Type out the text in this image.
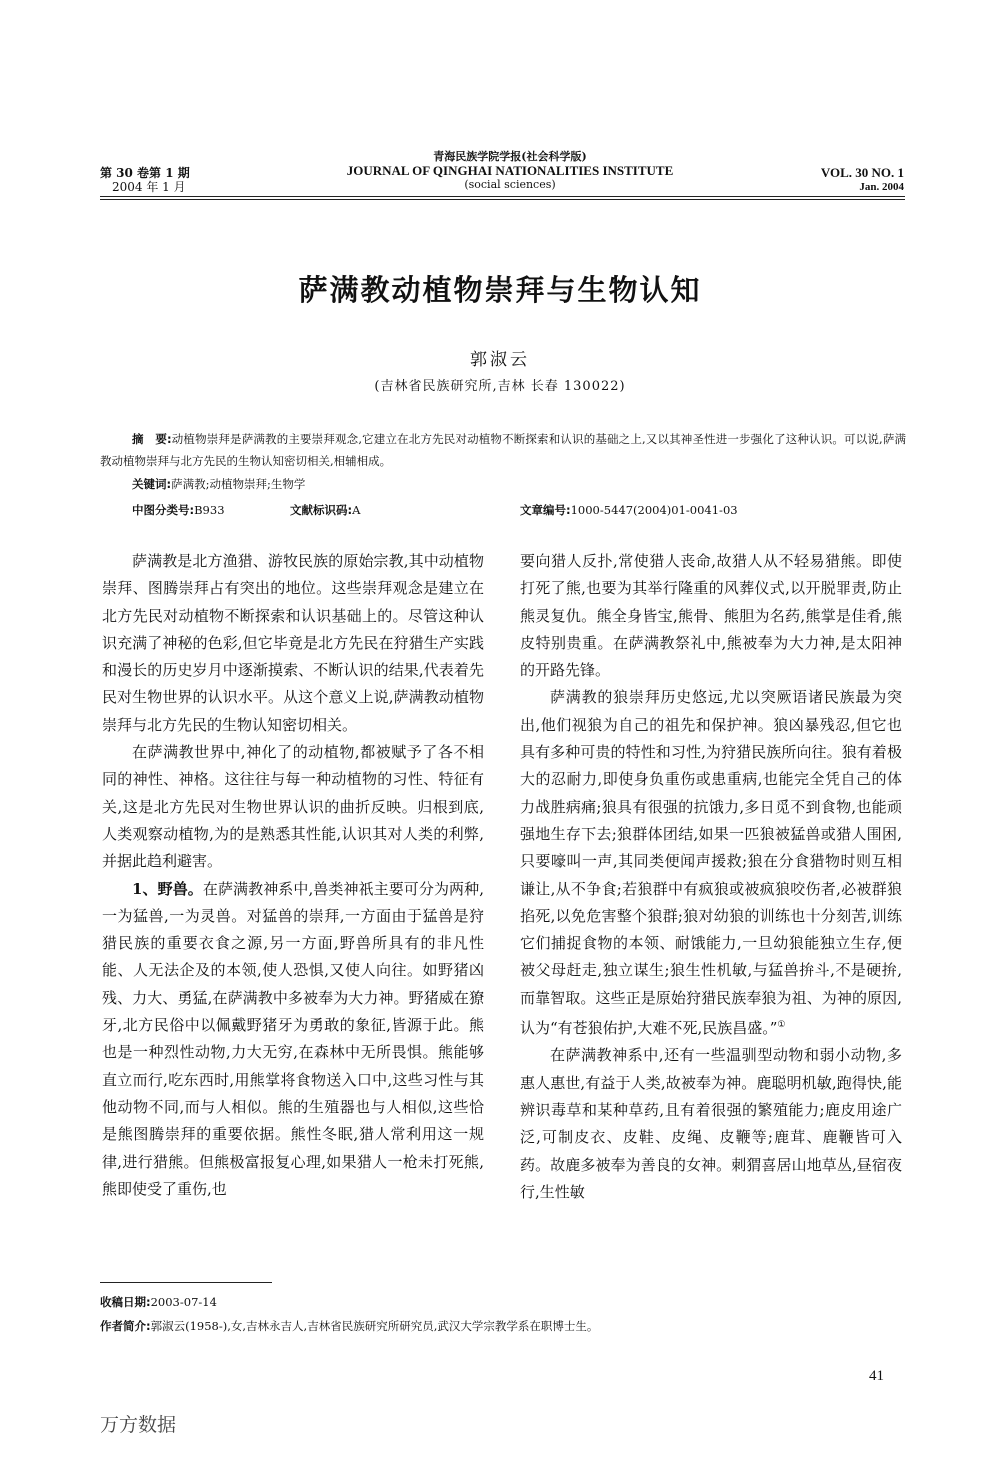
第 30 卷第 1 期
2004 年 1 月
青海民族学院学报(社会科学版)
JOURNAL OF QINGHAI NATIONALITIES INSTITUTE
(social sciences)
VOL. 30 NO. 1
Jan. 2004
萨满教动植物崇拜与生物认知
郭淑云
(吉林省民族研究所,吉林 长春 130022)
摘　要:动植物崇拜是萨满教的主要崇拜观念,它建立在北方先民对动植物不断探索和认识的基础之上,又以其神圣性进一步强化了这种认识。可以说,萨满教动植物崇拜与北方先民的生物认知密切相关,相辅相成。
关键词:萨满教;动植物崇拜;生物学
中图分类号:B933	文献标识码:A	文章编号:1000-5447(2004)01-0041-03

萨满教是北方渔猎、游牧民族的原始宗教,其中动植物崇拜、图腾崇拜占有突出的地位。这些崇拜观念是建立在北方先民对动植物不断探索和认识基础上的。尽管这种认识充满了神秘的色彩,但它毕竟是北方先民在狩猎生产实践和漫长的历史岁月中逐渐摸索、不断认识的结果,代表着先民对生物世界的认识水平。从这个意义上说,萨满教动植物崇拜与北方先民的生物认知密切相关。

在萨满教世界中,神化了的动植物,都被赋予了各不相同的神性、神格。这往往与每一种动植物的习性、特征有关,这是北方先民对生物世界认识的曲折反映。归根到底,人类观察动植物,为的是熟悉其性能,认识其对人类的利弊,并据此趋利避害。

1、野兽。在萨满教神系中,兽类神祇主要可分为两种,一为猛兽,一为灵兽。对猛兽的崇拜,一方面由于猛兽是狩猎民族的重要衣食之源,另一方面,野兽所具有的非凡性能、人无法企及的本领,使人恐惧,又使人向往。如野猪凶残、力大、勇猛,在萨满教中多被奉为大力神。野猪威在獠牙,北方民俗中以佩戴野猪牙为勇敢的象征,皆源于此。熊也是一种烈性动物,力大无穷,在森林中无所畏惧。熊能够直立而行,吃东西时,用熊掌将食物送入口中,这些习性与其他动物不同,而与人相似。熊的生殖器也与人相似,这些恰是熊图腾崇拜的重要依据。熊性冬眠,猎人常利用这一规律,进行猎熊。但熊极富报复心理,如果猎人一枪未打死熊,熊即使受了重伤,也

要向猎人反扑,常使猎人丧命,故猎人从不轻易猎熊。即使打死了熊,也要为其举行隆重的风葬仪式,以开脱罪责,防止熊灵复仇。熊全身皆宝,熊骨、熊胆为名药,熊掌是佳肴,熊皮特别贵重。在萨满教祭礼中,熊被奉为大力神,是太阳神的开路先锋。

萨满教的狼崇拜历史悠远,尤以突厥语诸民族最为突出,他们视狼为自己的祖先和保护神。狼凶暴残忍,但它也具有多种可贵的特性和习性,为狩猎民族所向往。狼有着极大的忍耐力,即使身负重伤或患重病,也能完全凭自己的体力战胜病痛;狼具有很强的抗饿力,多日觅不到食物,也能顽强地生存下去;狼群体团结,如果一匹狼被猛兽或猎人围困,只要嚎叫一声,其同类便闻声援救;狼在分食猎物时则互相谦让,从不争食;若狼群中有疯狼或被疯狼咬伤者,必被群狼掐死,以免危害整个狼群;狼对幼狼的训练也十分刻苦,训练它们捕捉食物的本领、耐饿能力,一旦幼狼能独立生存,便被父母赶走,独立谋生;狼生性机敏,与猛兽拚斗,不是硬拚,而靠智取。这些正是原始狩猎民族奉狼为祖、为神的原因,认为“有苍狼佑护,大难不死,民族昌盛。”①

在萨满教神系中,还有一些温驯型动物和弱小动物,多惠人惠世,有益于人类,故被奉为神。鹿聪明机敏,跑得快,能辨识毒草和某种草药,且有着很强的繁殖能力;鹿皮用途广泛,可制皮衣、皮鞋、皮绳、皮鞭等;鹿茸、鹿鞭皆可入药。故鹿多被奉为善良的女神。刺猬喜居山地草丛,昼宿夜行,生性敏

收稿日期:2003-07-14
作者简介:郭淑云(1958-),女,吉林永吉人,吉林省民族研究所研究员,武汉大学宗教学系在职博士生。
41
万方数据
